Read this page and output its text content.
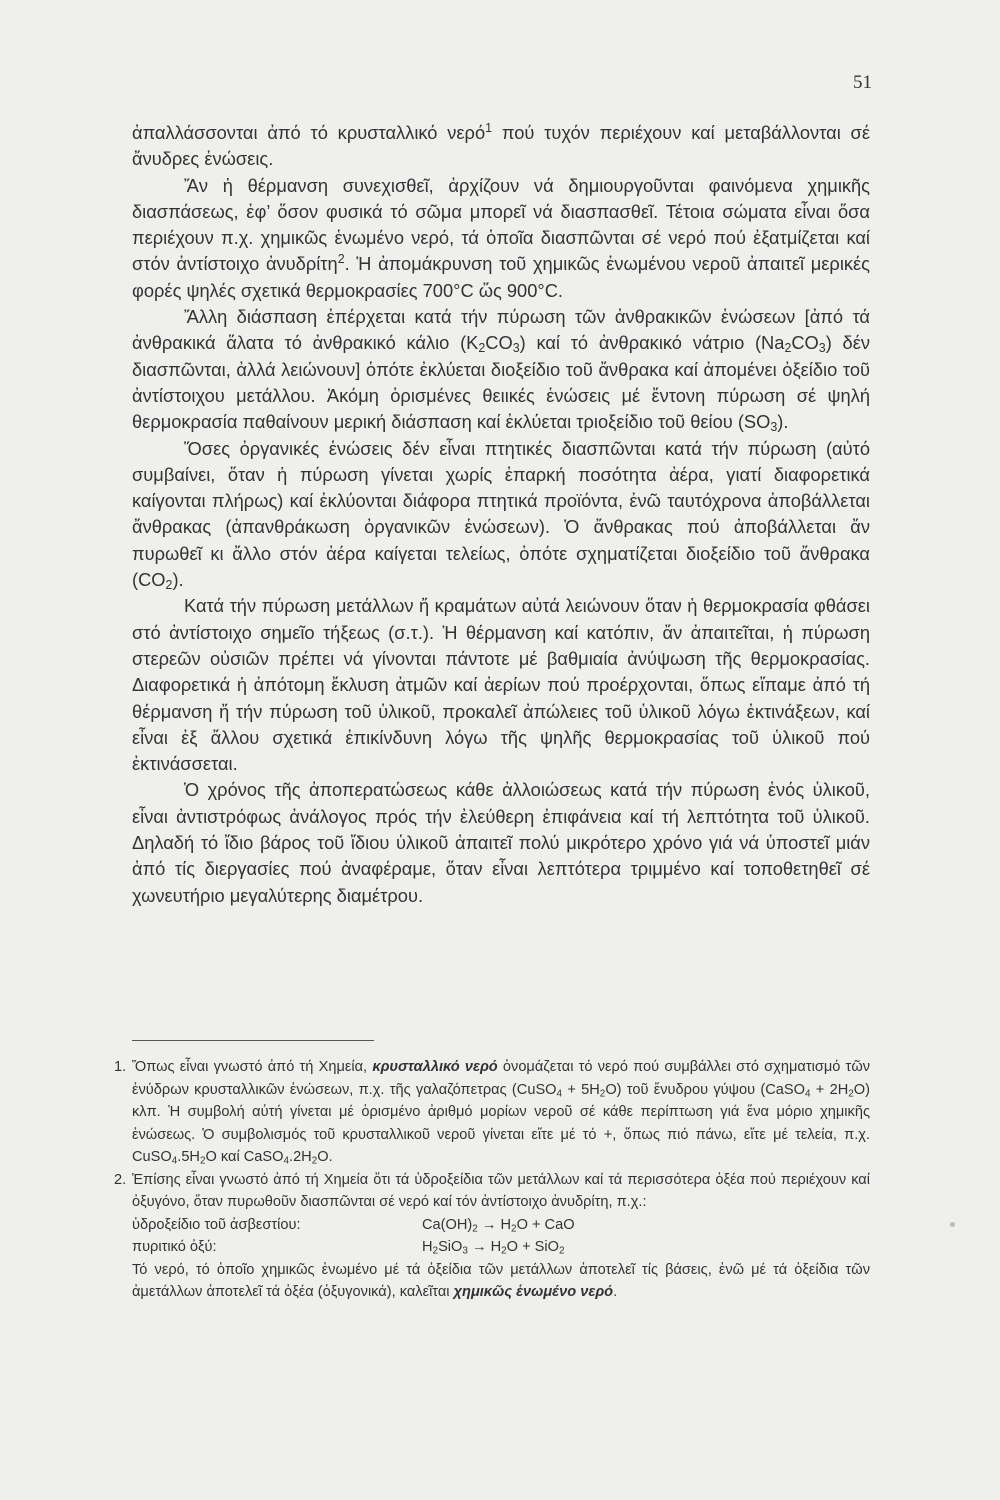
51

ἀπαλλάσσονται ἀπό τό κρυσταλλικό νερό$^1$ πού τυχόν περιέχουν καί μεταβάλλονται σέ ἄνυδρες ἑνώσεις.

Ἄν ἡ θέρμανση συνεχισθεῖ, ἀρχίζουν νά δημιουργοῦνται φαινόμενα χημικῆς διασπάσεως, ἐφ’ ὅσον φυσικά τό σῶμα μπορεῖ νά διασπασθεῖ. Τέτοια σώματα εἶναι ὅσα περιέχουν π.χ. χημικῶς ἑνωμένο νερό, τά ὁποῖα διασπῶνται σέ νερό πού ἐξατμίζεται καί στόν ἀντίστοιχο ἀνυδρίτη$^2$. Ἡ ἀπομάκρυνση τοῦ χημικῶς ἑνωμένου νεροῦ ἀπαιτεῖ μερικές φορές ψηλές σχετικά θερμοκρασίες 700°C ὥς 900°C.

Ἄλλη διάσπαση ἐπέρχεται κατά τήν πύρωση τῶν ἀνθρακικῶν ἑνώσεων [ἀπό τά ἀνθρακικά ἅλατα τό ἀνθρακικό κάλιο $(K_2CO_3)$ καί τό ἀνθρακικό νάτριο $(Na_2CO_3)$ δέν διασπῶνται, ἀλλά λειώνουν] ὁπότε ἐκλύεται διοξείδιο τοῦ ἄνθρακα καί ἀπομένει ὀξείδιο τοῦ ἀντίστοιχου μετάλλου. Ἀκόμη ὁρισμένες θειικές ἑνώσεις μέ ἔντονη πύρωση σέ ψηλή θερμοκρασία παθαίνουν μερική διάσπαση καί ἐκλύεται τριοξείδιο τοῦ θείου $(SO_3)$.

Ὅσες ὀργανικές ἑνώσεις δέν εἶναι πτητικές διασπῶνται κατά τήν πύρωση (αὐτό συμβαίνει, ὅταν ἡ πύρωση γίνεται χωρίς ἐπαρκή ποσότητα ἀέρα, γιατί διαφορετικά καίγονται πλήρως) καί ἐκλύονται διάφορα πτητικά προϊόντα, ἐνῶ ταυτόχρονα ἀποβάλλεται ἄνθρακας (ἀπανθράκωση ὀργανικῶν ἑνώσεων). Ὁ ἄνθρακας πού ἀποβάλλεται ἄν πυρωθεῖ κι ἄλλο στόν ἀέρα καίγεται τελείως, ὁπότε σχηματίζεται διοξείδιο τοῦ ἄνθρακα $(CO_2)$.

Κατά τήν πύρωση μετάλλων ἤ κραμάτων αὐτά λειώνουν ὅταν ἡ θερμοκρασία φθάσει στό ἀντίστοιχο σημεῖο τήξεως (σ.τ.). Ἡ θέρμανση καί κατόπιν, ἄν ἀπαιτεῖται, ἡ πύρωση στερεῶν οὐσιῶν πρέπει νά γίνονται πάντοτε μέ βαθμιαία ἀνύψωση τῆς θερμοκρασίας. Διαφορετικά ἡ ἀπότομη ἔκλυση ἀτμῶν καί ἀερίων πού προέρχονται, ὅπως εἴπαμε ἀπό τή θέρμανση ἤ τήν πύρωση τοῦ ὑλικοῦ, προκαλεῖ ἀπώλειες τοῦ ὑλικοῦ λόγω ἐκτινάξεων, καί εἶναι ἐξ ἄλλου σχετικά ἐπικίνδυνη λόγω τῆς ψηλῆς θερμοκρασίας τοῦ ὑλικοῦ πού ἐκτινάσσεται.

Ὁ χρόνος τῆς ἀποπερατώσεως κάθε ἀλλοιώσεως κατά τήν πύρωση ἑνός ὑλικοῦ, εἶναι ἀντιστρόφως ἀνάλογος πρός τήν ἐλεύθερη ἐπιφάνεια καί τή λεπτότητα τοῦ ὑλικοῦ. Δηλαδή τό ἴδιο βάρος τοῦ ἴδιου ὑλικοῦ ἀπαιτεῖ πολύ μικρότερο χρόνο γιά νά ὑποστεῖ μιάν ἀπό τίς διεργασίες πού ἀναφέραμε, ὅταν εἶναι λεπτότερα τριμμένο καί τοποθετηθεῖ σέ χωνευτήριο μεγαλύτερης διαμέτρου.

1. Ὅπως εἶναι γνωστό ἀπό τή Χημεία, κρυσταλλικό νερό ὀνομάζεται τό νερό πού συμβάλλει στό σχηματισμό τῶν ἐνύδρων κρυσταλλικῶν ἑνώσεων, π.χ. τῆς γαλαζόπετρας (CuSO$_4$ + $5H_2O$) τοῦ ἔνυδρου γύψου (CaSO$_4$ + $2H_2O$) κλπ. Ἡ συμβολή αὐτή γίνεται μέ ὁρισμένο ἀριθμό μορίων νεροῦ σέ κάθε περίπτωση γιά ἕνα μόριο χημικῆς ἑνώσεως. Ὁ συμβολισμός τοῦ κρυσταλλικοῦ νεροῦ γίνεται εἴτε μέ τό +, ὅπως πιό πάνω, εἴτε μέ τελεία, π.χ. $CuSO_4.5H_2O$ καί $CaSO_4.2H_2O$.

2. Ἐπίσης εἶναι γνωστό ἀπό τή Χημεία ὅτι τά ὑδροξείδια τῶν μετάλλων καί τά περισσότερα ὀξέα πού περιέχουν καί ὀξυγόνο, ὅταν πυρωθοῦν διασπῶνται σέ νερό καί τόν ἀντίστοιχο ἀνυδρίτη, π.χ.:

ὑδροξείδιο τοῦ ἀσβεστίου:	$Ca(OH)_2 \to H_2O$ + CaO
πυριτικό ὀξύ:	$H_2SiO_3 \to H_2O + SiO_2$

Τό νερό, τό ὁποῖο χημικῶς ἑνωμένο μέ τά ὀξείδια τῶν μετάλλων ἀποτελεῖ τίς βάσεις, ἐνῶ μέ τά ὀξείδια τῶν ἀμετάλλων ἀποτελεῖ τά ὀξέα (ὀξυγονικά), καλεῖται χημικῶς ἑνωμένο νερό.
